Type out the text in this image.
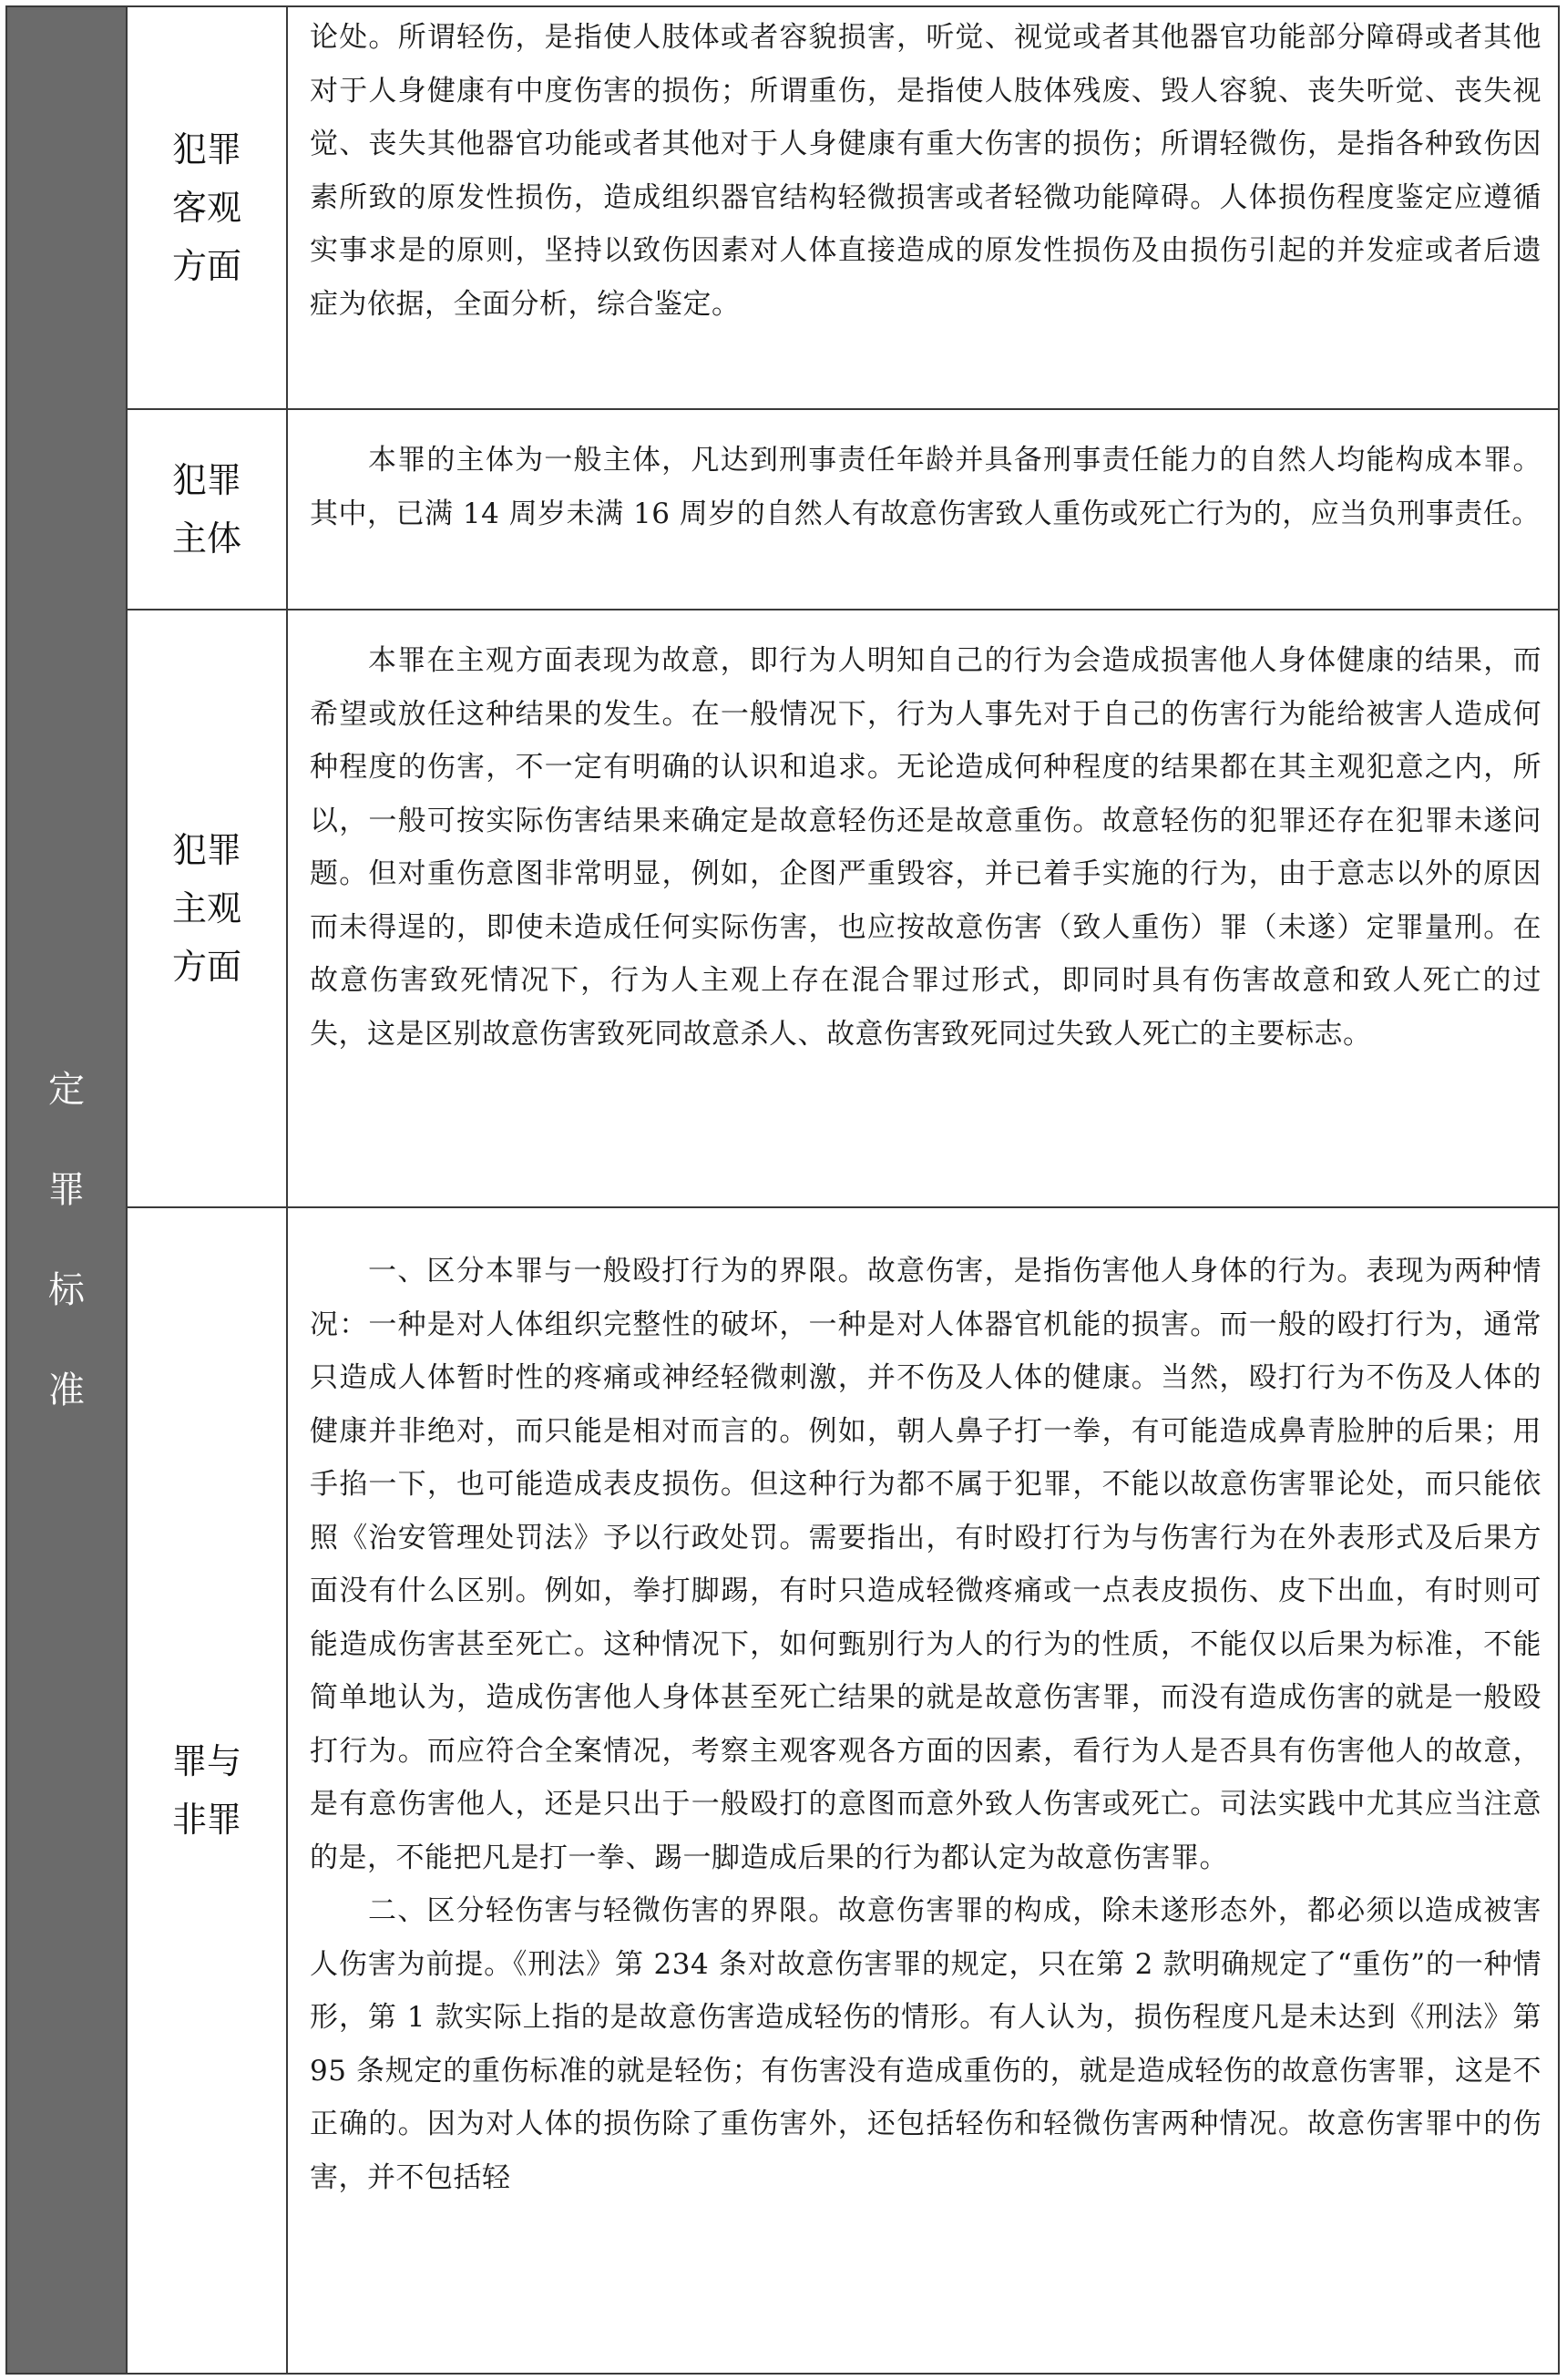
定罪标准
犯罪客观方面

论处。所谓轻伤，是指使人肢体或者容貌损害，听觉、视觉或者其他器官功能部分障碍或者其他对于人身健康有中度伤害的损伤；所谓重伤，是指使人肢体残废、毁人容貌、丧失听觉、丧失视觉、丧失其他器官功能或者其他对于人身健康有重大伤害的损伤；所谓轻微伤，是指各种致伤因素所致的原发性损伤，造成组织器官结构轻微损害或者轻微功能障碍。人体损伤程度鉴定应遵循实事求是的原则，坚持以致伤因素对人体直接造成的原发性损伤及由损伤引起的并发症或者后遗症为依据，全面分析，综合鉴定。

犯罪主体

本罪的主体为一般主体，凡达到刑事责任年龄并具备刑事责任能力的自然人均能构成本罪。其中，已满 14 周岁未满 16 周岁的自然人有故意伤害致人重伤或死亡行为的，应当负刑事责任。

犯罪主观方面

本罪在主观方面表现为故意，即行为人明知自己的行为会造成损害他人身体健康的结果，而希望或放任这种结果的发生。在一般情况下，行为人事先对于自己的伤害行为能给被害人造成何种程度的伤害，不一定有明确的认识和追求。无论造成何种程度的结果都在其主观犯意之内，所以，一般可按实际伤害结果来确定是故意轻伤还是故意重伤。故意轻伤的犯罪还存在犯罪未遂问题。但对重伤意图非常明显，例如，企图严重毁容，并已着手实施的行为，由于意志以外的原因而未得逞的，即使未造成任何实际伤害，也应按故意伤害（致人重伤）罪（未遂）定罪量刑。在故意伤害致死情况下，行为人主观上存在混合罪过形式，即同时具有伤害故意和致人死亡的过失，这是区别故意伤害致死同故意杀人、故意伤害致死同过失致人死亡的主要标志。

罪与非罪

一、区分本罪与一般殴打行为的界限。故意伤害，是指伤害他人身体的行为。表现为两种情况：一种是对人体组织完整性的破坏，一种是对人体器官机能的损害。而一般的殴打行为，通常只造成人体暂时性的疼痛或神经轻微刺激，并不伤及人体的健康。当然，殴打行为不伤及人体的健康并非绝对，而只能是相对而言的。例如，朝人鼻子打一拳，有可能造成鼻青脸肿的后果；用手掐一下，也可能造成表皮损伤。但这种行为都不属于犯罪，不能以故意伤害罪论处，而只能依照《治安管理处罚法》予以行政处罚。需要指出，有时殴打行为与伤害行为在外表形式及后果方面没有什么区别。例如，拳打脚踢，有时只造成轻微疼痛或一点表皮损伤、皮下出血，有时则可能造成伤害甚至死亡。这种情况下，如何甄别行为人的行为的性质，不能仅以后果为标准，不能简单地认为，造成伤害他人身体甚至死亡结果的就是故意伤害罪，而没有造成伤害的就是一般殴打行为。而应符合全案情况，考察主观客观各方面的因素，看行为人是否具有伤害他人的故意，是有意伤害他人，还是只出于一般殴打的意图而意外致人伤害或死亡。司法实践中尤其应当注意的是，不能把凡是打一拳、踢一脚造成后果的行为都认定为故意伤害罪。

二、区分轻伤害与轻微伤害的界限。故意伤害罪的构成，除未遂形态外，都必须以造成被害人伤害为前提。《刑法》第 234 条对故意伤害罪的规定，只在第 2 款明确规定了“重伤”的一种情形，第 1 款实际上指的是故意伤害造成轻伤的情形。有人认为，损伤程度凡是未达到《刑法》第 95 条规定的重伤标准的就是轻伤；有伤害没有造成重伤的，就是造成轻伤的故意伤害罪，这是不正确的。因为对人体的损伤除了重伤害外，还包括轻伤和轻微伤害两种情况。故意伤害罪中的伤害，并不包括轻
